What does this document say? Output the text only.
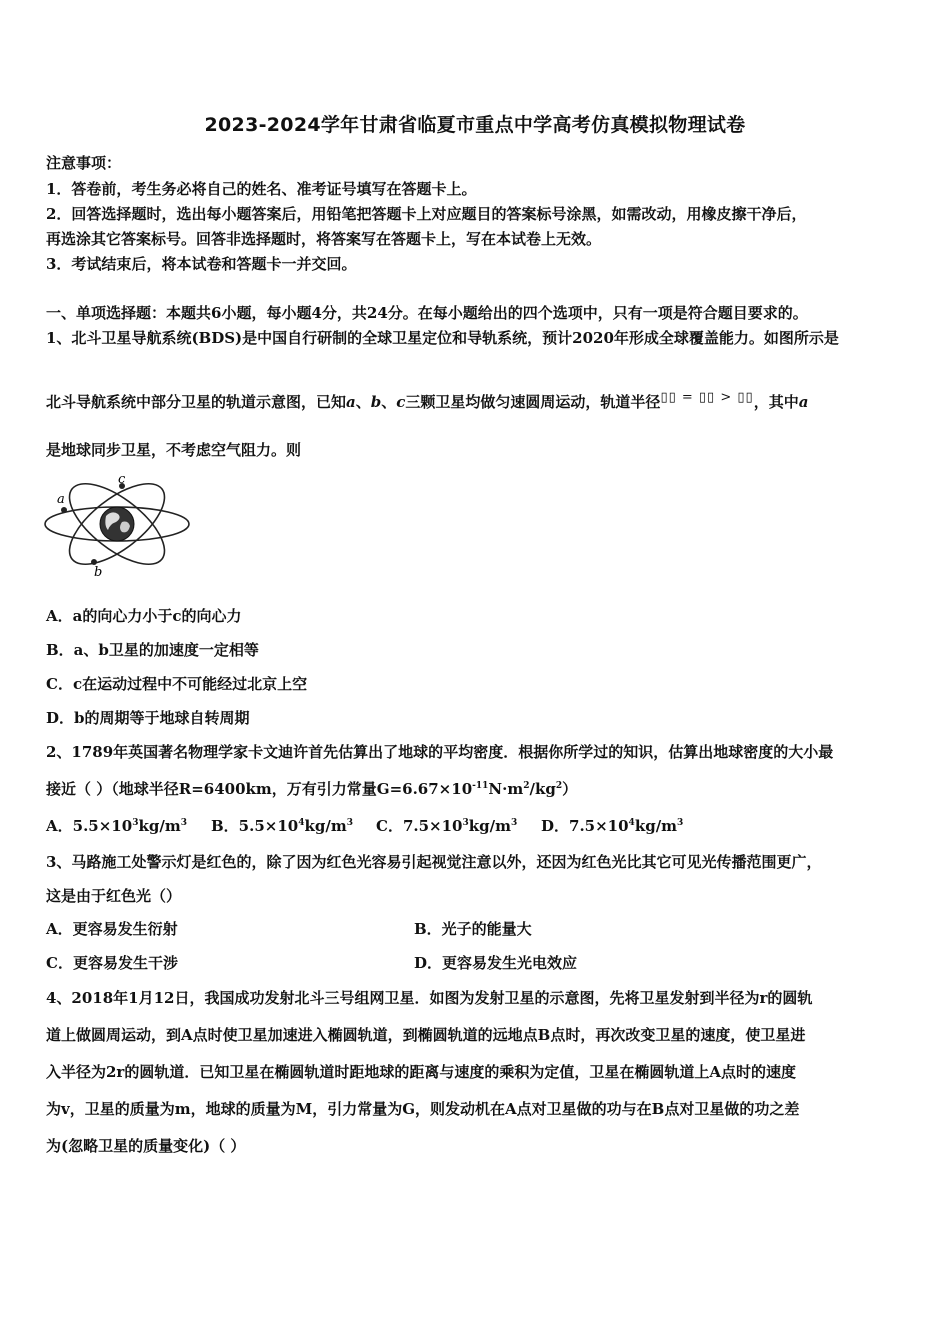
2023-2024学年甘肃省临夏市重点中学高考仿真模拟物理试卷
注意事项：
1．答卷前，考生务必将自己的姓名、准考证号填写在答题卡上。
2．回答选择题时，选出每小题答案后，用铅笔把答题卡上对应题目的答案标号涂黑，如需改动，用橡皮擦干净后，
再选涂其它答案标号。回答非选择题时，将答案写在答题卡上，写在本试卷上无效。
3．考试结束后，将本试卷和答题卡一并交回。
一、单项选择题：本题共6小题，每小题4分，共24分。在每小题给出的四个选项中，只有一项是符合题目要求的。
1、北斗卫星导航系统(BDS)是中国自行研制的全球卫星定位和导轨系统，预计2020年形成全球覆盖能力。如图所示是
北斗导航系统中部分卫星的轨道示意图，已知a、b、c三颗卫星均做匀速圆周运动，轨道半径▯▯ = ▯▯ > ▯▯，其中a
是地球同步卫星，不考虑空气阻力。则
c
a
b
A．a的向心力小于c的向心力
B．a、b卫星的加速度一定相等
C．c在运动过程中不可能经过北京上空
D．b的周期等于地球自转周期
2、1789年英国著名物理学家卡文迪许首先估算出了地球的平均密度．根据你所学过的知识，估算出地球密度的大小最
接近（ ）（地球半径R=6400km，万有引力常量$G=6.67\times 10^{-11}N\cdot m^2/kg^2$）
A．$5.5\times 10^3kg/m^3$ B．$5.5\times 10^4kg/m^3$ C．$7.5\times 10^3kg/m^3$ D．$7.5\times 10^4kg/m^3$
3、马路施工处警示灯是红色的，除了因为红色光容易引起视觉注意以外，还因为红色光比其它可见光传播范围更广，
这是由于红色光（）
A．更容易发生衍射	B．光子的能量大
C．更容易发生干涉	D．更容易发生光电效应
4、2018年1月12日，我国成功发射北斗三号组网卫星．如图为发射卫星的示意图，先将卫星发射到半径为r的圆轨
道上做圆周运动，到A点时使卫星加速进入椭圆轨道，到椭圆轨道的远地点B点时，再次改变卫星的速度，使卫星进
入半径为2r的圆轨道．已知卫星在椭圆轨道时距地球的距离与速度的乘积为定值，卫星在椭圆轨道上A点时的速度
为v，卫星的质量为m，地球的质量为M，引力常量为G，则发动机在A点对卫星做的功与在B点对卫星做的功之差
为(忽略卫星的质量变化)（ ）
